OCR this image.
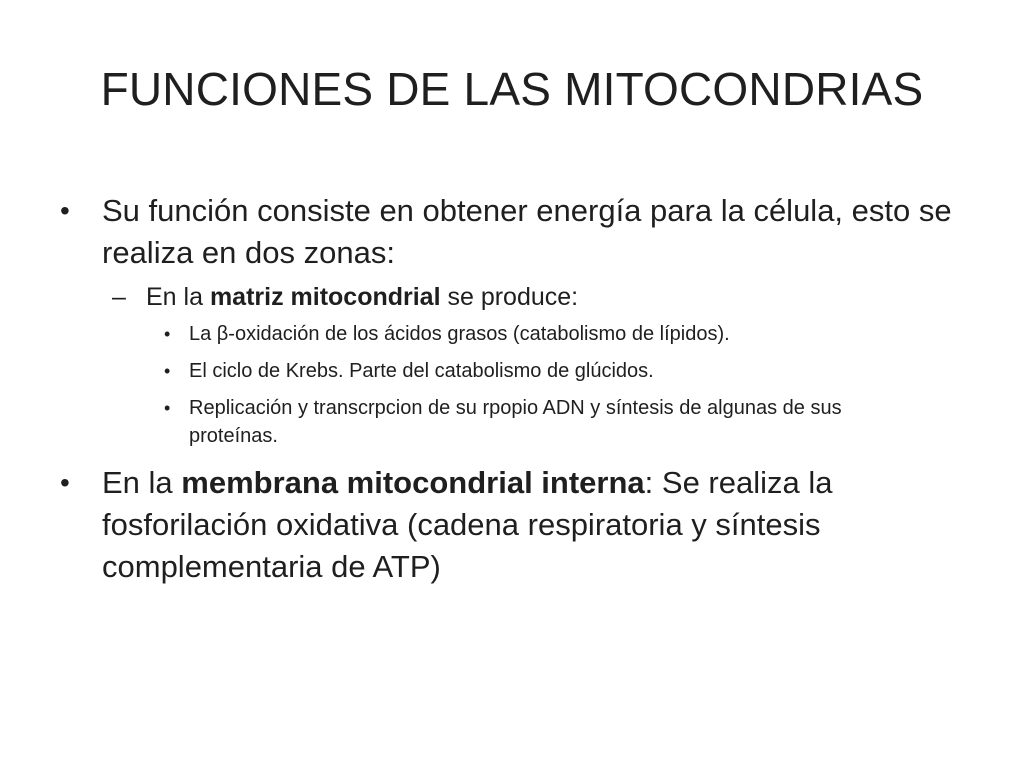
FUNCIONES DE LAS MITOCONDRIAS
• Su función consiste en obtener energía para la célula, esto se realiza en dos zonas:
– En la matriz mitocondrial se produce:
• La β-oxidación de los ácidos grasos (catabolismo de lípidos).
• El ciclo de Krebs. Parte del catabolismo de glúcidos.
• Replicación y transcrpcion de su rpopio ADN y síntesis de algunas de sus proteínas.
• En la membrana mitocondrial interna: Se realiza la fosforilación oxidativa (cadena respiratoria y síntesis complementaria de ATP)
